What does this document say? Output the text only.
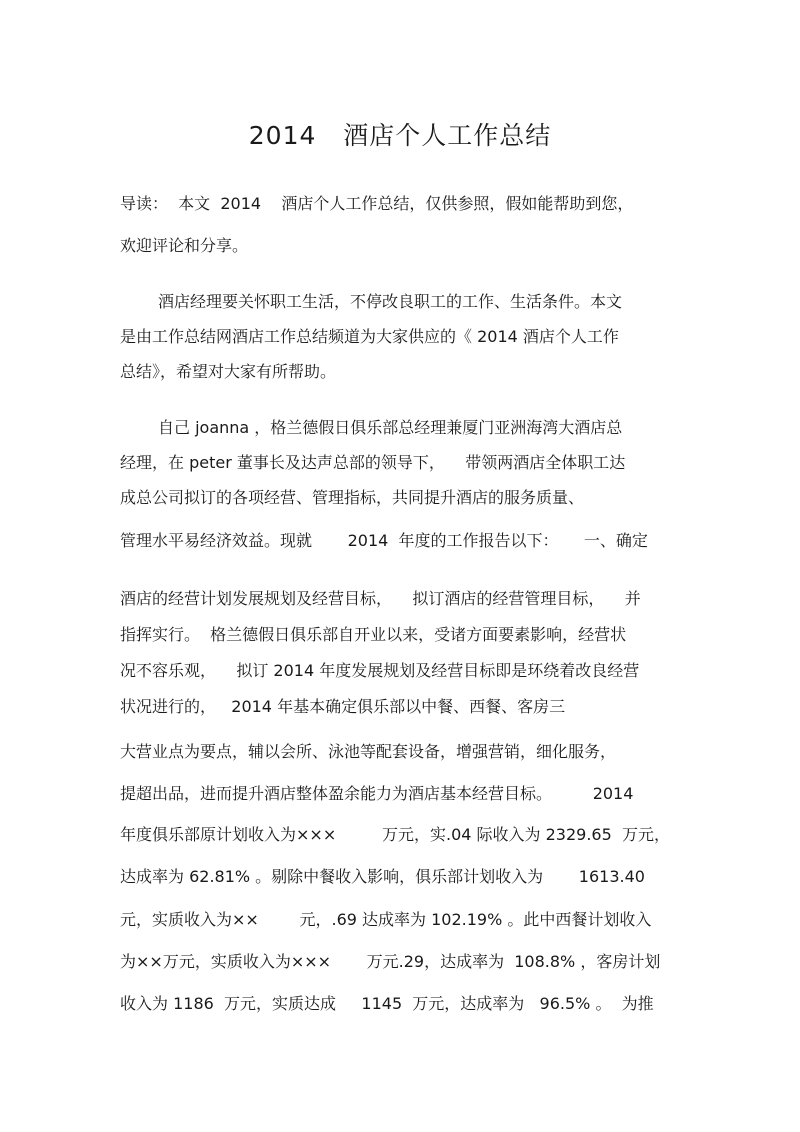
2014   酒店个人工作总结
导读：  本文  2014    酒店个人工作总结，仅供参照，假如能帮助到您，
欢迎评论和分享。
酒店经理要关怀职工生活，不停改良职工的工作、生活条件。本文
是由工作总结网酒店工作总结频道为大家供应的《 2014 酒店个人工作
总结》，希望对大家有所帮助。
自己 joanna ，格兰德假日俱乐部总经理兼厦门亚洲海湾大酒店总
经理，在 peter 董事长及达声总部的领导下，    带领两酒店全体职工达
成总公司拟订的各项经营、管理指标，共同提升酒店的服务质量、
管理水平易经济效益。现就       2014  年度的工作报告以下：     一、确定
酒店的经营计划发展规划及经营目标，    拟订酒店的经营管理目标，    并
指挥实行。  格兰德假日俱乐部自开业以来，受诸方面要素影响，经营状
况不容乐观，    拟订 2014 年度发展规划及经营目标即是环绕着改良经营
状况进行的，   2014 年基本确定俱乐部以中餐、西餐、客房三
大营业点为要点，辅以会所、泳池等配套设备，增强营销，细化服务，
提超出品，进而提升酒店整体盈余能力为酒店基本经营目标。        2014
年度俱乐部原计划收入为×××         万元，实.04 际收入为 2329.65  万元，
达成率为 62.81% 。剔除中餐收入影响，俱乐部计划收入为       1613.40
元，实质收入为××        元，.69 达成率为 102.19% 。此中西餐计划收入
为××万元，实质收入为×××       万元.29，达成率为  108.8% ，客房计划
收入为 1186  万元，实质达成     1145  万元，达成率为   96.5% 。  为推
